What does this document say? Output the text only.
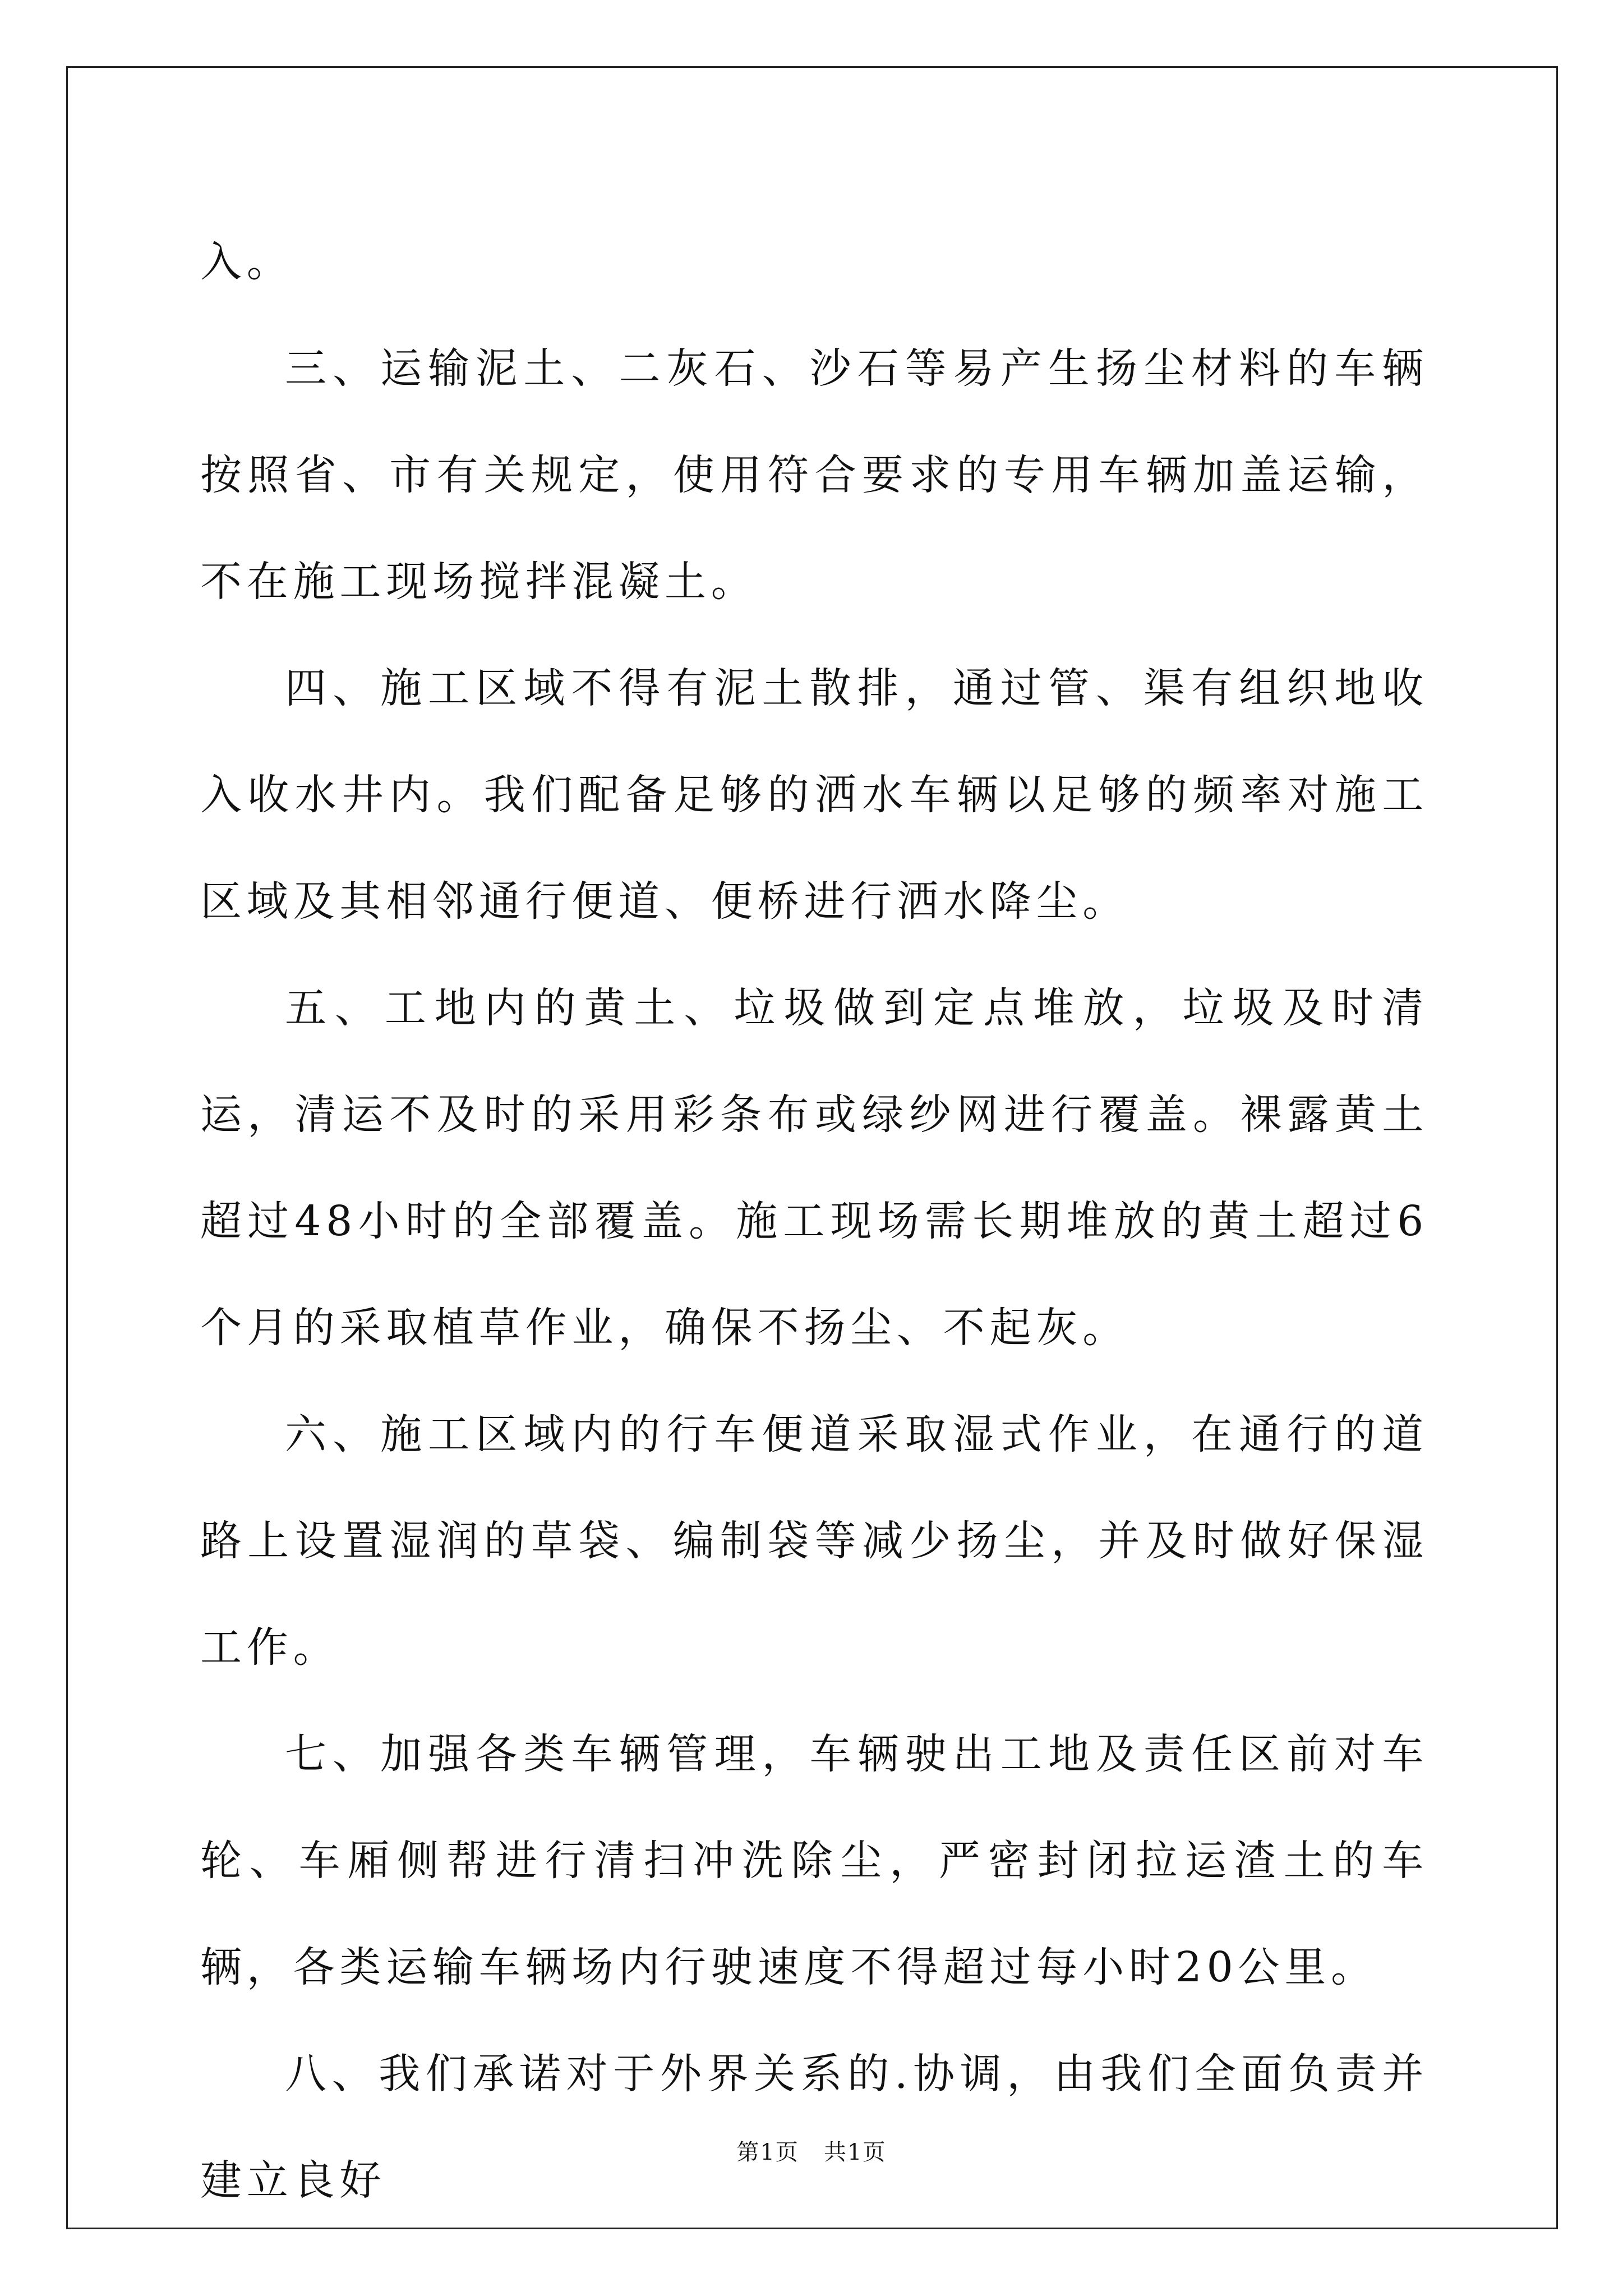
入。

三、运输泥土、二灰石、沙石等易产生扬尘材料的车辆按照省、市有关规定，使用符合要求的专用车辆加盖运输，不在施工现场搅拌混凝土。

四、施工区域不得有泥土散排，通过管、渠有组织地收入收水井内。我们配备足够的洒水车辆以足够的频率对施工区域及其相邻通行便道、便桥进行洒水降尘。

五、工地内的黄土、垃圾做到定点堆放，垃圾及时清运，清运不及时的采用彩条布或绿纱网进行覆盖。裸露黄土超过48小时的全部覆盖。施工现场需长期堆放的黄土超过6个月的采取植草作业，确保不扬尘、不起灰。

六、施工区域内的行车便道采取湿式作业，在通行的道路上设置湿润的草袋、编制袋等减少扬尘，并及时做好保湿工作。

七、加强各类车辆管理，车辆驶出工地及责任区前对车轮、车厢侧帮进行清扫冲洗除尘，严密封闭拉运渣土的车辆，各类运输车辆场内行驶速度不得超过每小时20公里。

八、我们承诺对于外界关系的.协调，由我们全面负责并建立良好

第1页   共1页
